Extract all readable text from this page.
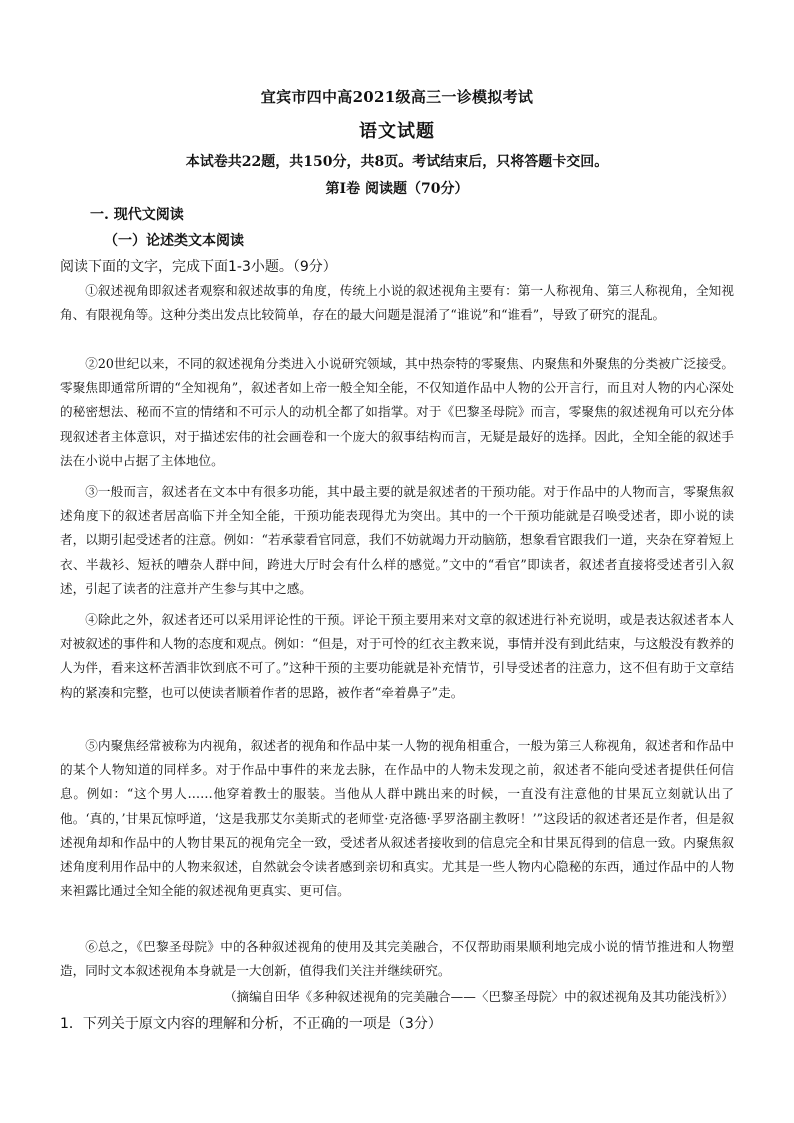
宜宾市四中高2021级高三一诊模拟考试
语文试题
本试卷共22题，共150分，共8页。考试结束后，只将答题卡交回。
第Ⅰ卷 阅读题（70分）
一. 现代文阅读
（一）论述类文本阅读
阅读下面的文字，完成下面1-3小题。（9分）
①叙述视角即叙述者观察和叙述故事的角度，传统上小说的叙述视角主要有：第一人称视角、第三人称视角，全知视角、有限视角等。这种分类出发点比较简单，存在的最大问题是混淆了“谁说”和“谁看”，导致了研究的混乱。
②20世纪以来，不同的叙述视角分类进入小说研究领域，其中热奈特的零聚焦、内聚焦和外聚焦的分类被广泛接受。零聚焦即通常所谓的“全知视角”，叙述者如上帝一般全知全能，不仅知道作品中人物的公开言行，而且对人物的内心深处的秘密想法、秘而不宣的情绪和不可示人的动机全都了如指掌。对于《巴黎圣母院》而言，零聚焦的叙述视角可以充分体现叙述者主体意识，对于描述宏伟的社会画卷和一个庞大的叙事结构而言，无疑是最好的选择。因此，全知全能的叙述手法在小说中占据了主体地位。
③一般而言，叙述者在文本中有很多功能，其中最主要的就是叙述者的干预功能。对于作品中的人物而言，零聚焦叙述角度下的叙述者居高临下并全知全能，干预功能表现得尤为突出。其中的一个干预功能就是召唤受述者，即小说的读者，以期引起受述者的注意。例如：“若承蒙看官同意，我们不妨就竭力开动脑筋，想象看官跟我们一道，夹杂在穿着短上衣、半裁衫、短袄的嘈杂人群中间，跨进大厅时会有什么样的感觉。”文中的“看官”即读者，叙述者直接将受述者引入叙述，引起了读者的注意并产生参与其中之感。
④除此之外，叙述者还可以采用评论性的干预。评论干预主要用来对文章的叙述进行补充说明，或是表达叙述者本人对被叙述的事件和人物的态度和观点。例如：“但是，对于可怜的红衣主教来说，事情并没有到此结束，与这般没有教养的人为伴，看来这杯苦酒非饮到底不可了。”这种干预的主要功能就是补充情节，引导受述者的注意力，这不但有助于文章结构的紧凑和完整，也可以使读者顺着作者的思路，被作者“牵着鼻子”走。
⑤内聚焦经常被称为内视角，叙述者的视角和作品中某一人物的视角相重合，一般为第三人称视角，叙述者和作品中的某个人物知道的同样多。对于作品中事件的来龙去脉，在作品中的人物未发现之前，叙述者不能向受述者提供任何信息。例如：“这个男人……他穿着教士的服装。当他从人群中跳出来的时候，一直没有注意他的甘果瓦立刻就认出了他。‘真的，’甘果瓦惊呼道，‘这是我那艾尔美斯式的老师堂·克洛德·孚罗洛副主教呀！’”这段话的叙述者还是作者，但是叙述视角却和作品中的人物甘果瓦的视角完全一致，受述者从叙述者接收到的信息完全和甘果瓦得到的信息一致。内聚焦叙述角度利用作品中的人物来叙述，自然就会令读者感到亲切和真实。尤其是一些人物内心隐秘的东西，通过作品中的人物来袒露比通过全知全能的叙述视角更真实、更可信。
⑥总之，《巴黎圣母院》中的各种叙述视角的使用及其完美融合，不仅帮助雨果顺利地完成小说的情节推进和人物塑造，同时文本叙述视角本身就是一大创新，值得我们关注并继续研究。
（摘编自田华《多种叙述视角的完美融合——〈巴黎圣母院〉中的叙述视角及其功能浅析》）
1．下列关于原文内容的理解和分析，不正确的一项是（3分）
